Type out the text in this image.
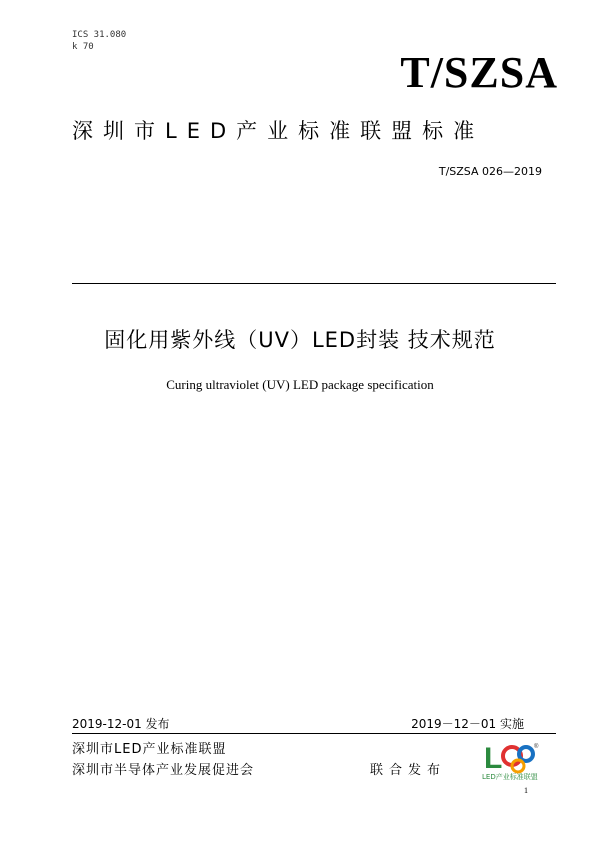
ICS 31.080
k 70
T/SZSA
深圳市LED产业标准联盟标准
T/SZSA 026—2019
固化用紫外线（UV）LED封装 技术规范
Curing ultraviolet (UV) LED package specification
2019-12-01 发布	2019－12－01 实施
深圳市LED产业标准联盟
深圳市半导体产业发展促进会	联合发布 L	®
LED产业标准联盟
1
